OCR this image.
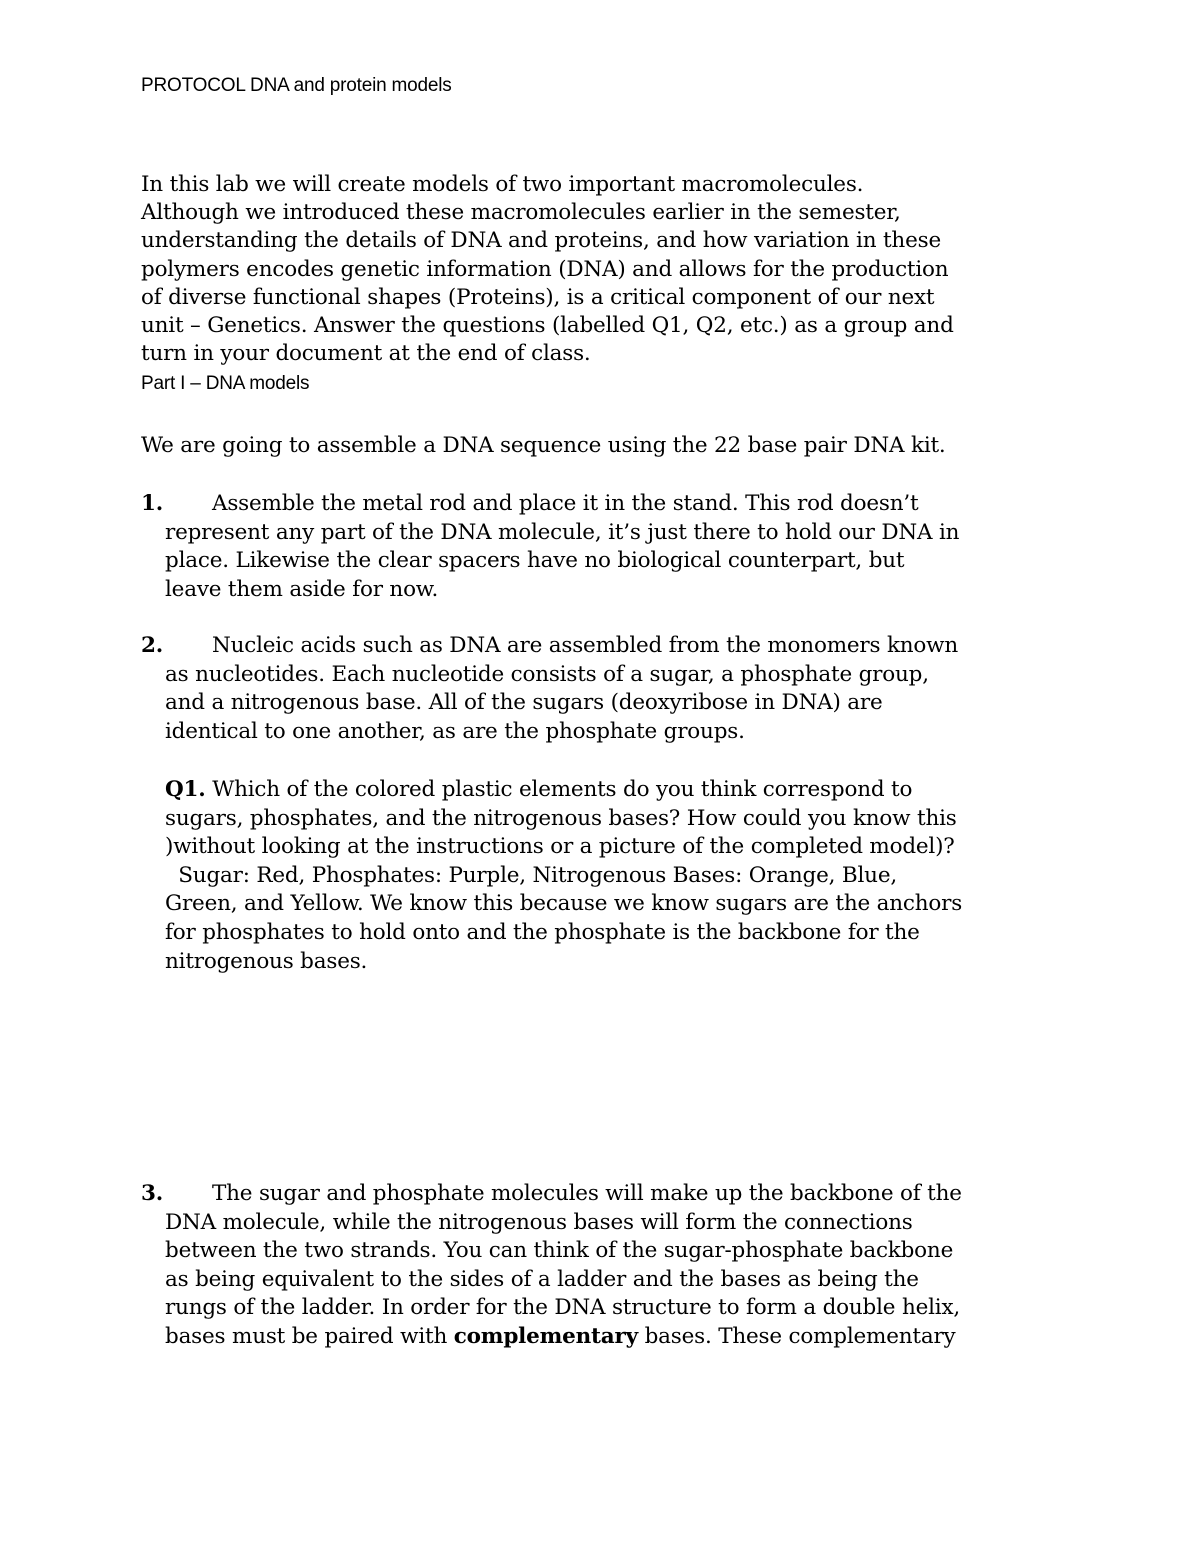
PROTOCOL DNA and protein models
In this lab we will create models of two important macromolecules.
Although we introduced these macromolecules earlier in the semester,
understanding the details of DNA and proteins, and how variation in these
polymers encodes genetic information (DNA) and allows for the production
of diverse functional shapes (Proteins), is a critical component of our next
unit – Genetics. Answer the questions (labelled Q1, Q2, etc.) as a group and
turn in your document at the end of class.
Part I – DNA models
We are going to assemble a DNA sequence using the 22 base pair DNA kit.
1. Assemble the metal rod and place it in the stand. This rod doesn’t
represent any part of the DNA molecule, it’s just there to hold our DNA in
place. Likewise the clear spacers have no biological counterpart, but
leave them aside for now.
2. Nucleic acids such as DNA are assembled from the monomers known
as nucleotides. Each nucleotide consists of a sugar, a phosphate group,
and a nitrogenous base. All of the sugars (deoxyribose in DNA) are
identical to one another, as are the phosphate groups.
Q1. Which of the colored plastic elements do you think correspond to
sugars, phosphates, and the nitrogenous bases? How could you know this
)without looking at the instructions or a picture of the completed model)?
Sugar: Red, Phosphates: Purple, Nitrogenous Bases: Orange, Blue,
Green, and Yellow. We know this because we know sugars are the anchors
for phosphates to hold onto and the phosphate is the backbone for the
nitrogenous bases.
3. The sugar and phosphate molecules will make up the backbone of the
DNA molecule, while the nitrogenous bases will form the connections
between the two strands. You can think of the sugar-phosphate backbone
as being equivalent to the sides of a ladder and the bases as being the
rungs of the ladder. In order for the DNA structure to form a double helix,
bases must be paired with complementary bases. These complementary
